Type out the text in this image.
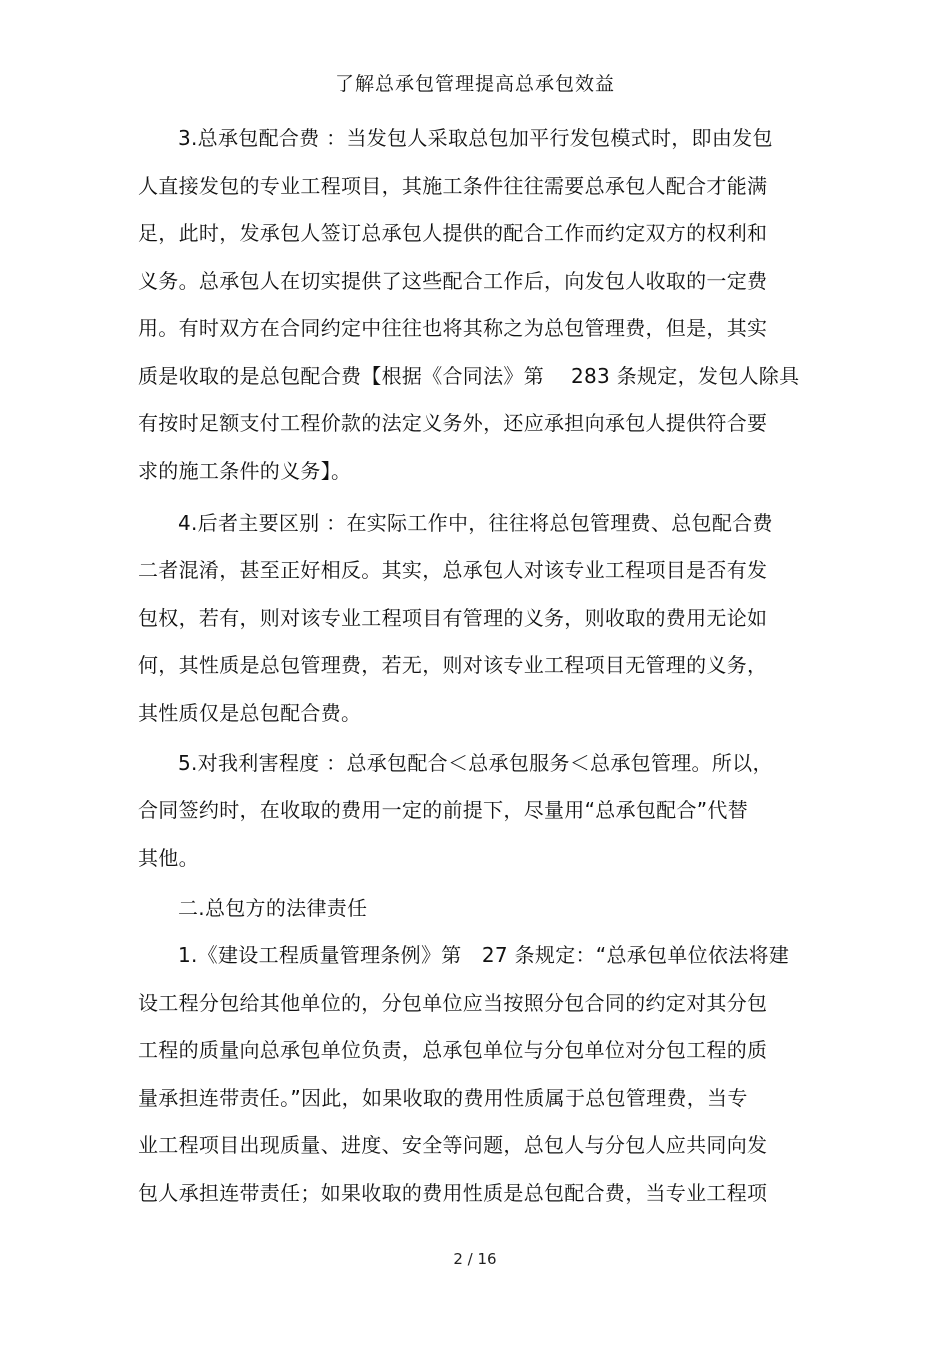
了解总承包管理提高总承包效益
3.总承包配合费 ：当发包人采取总包加平行发包模式时，即由发包
人直接发包的专业工程项目，其施工条件往往需要总承包人配合才能满
足，此时，发承包人签订总承包人提供的配合工作而约定双方的权利和
义务。总承包人在切实提供了这些配合工作后，向发包人收取的一定费
用。有时双方在合同约定中往往也将其称之为总包管理费，但是，其实
质是收取的是总包配合费【根据《合同法》第　 283 条规定，发包人除具
有按时足额支付工程价款的法定义务外，还应承担向承包人提供符合要
求的施工条件的义务】。
4.后者主要区别 ：在实际工作中，往往将总包管理费、总包配合费
二者混淆，甚至正好相反。其实，总承包人对该专业工程项目是否有发
包权，若有，则对该专业工程项目有管理的义务，则收取的费用无论如
何，其性质是总包管理费，若无，则对该专业工程项目无管理的义务，
其性质仅是总包配合费。
5.对我利害程度 ：总承包配合＜总承包服务＜总承包管理。所以，
合同签约时，在收取的费用一定的前提下，尽量用“总承包配合”代替
其他。
二.总包方的法律责任
1.《建设工程质量管理条例》第　27 条规定：“总承包单位依法将建
设工程分包给其他单位的，分包单位应当按照分包合同的约定对其分包
工程的质量向总承包单位负责，总承包单位与分包单位对分包工程的质
量承担连带责任。”因此，如果收取的费用性质属于总包管理费，当专
业工程项目出现质量、进度、安全等问题，总包人与分包人应共同向发
包人承担连带责任；如果收取的费用性质是总包配合费，当专业工程项
2 / 16
